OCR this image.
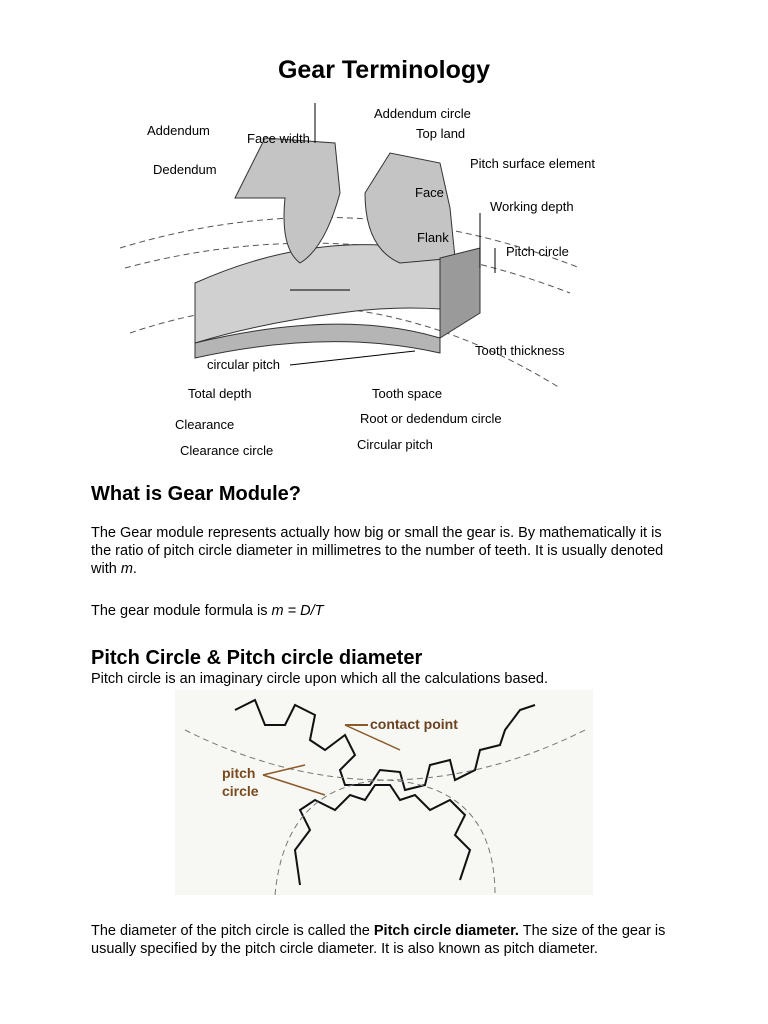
Gear Terminology
Addendum
Face width
Addendum circle
Top land
Dedendum	Pitch surface element
Face
Working depth
Flank
Pitch circle
Tooth thickness
circular pitch
Total depth	Tooth space
Clearance	Root or dedendum circle
Clearance circle	Circular pitch
What is Gear Module?
The Gear module represents actually how big or small the gear is. By mathematically it is the ratio of pitch circle diameter in millimetres to the number of teeth. It is usually denoted with m.
The gear module formula is m = D/T
Pitch Circle & Pitch circle diameter
Pitch circle is an imaginary circle upon which all the calculations based.
contact point
pitch
circle
The diameter of the pitch circle is called the Pitch circle diameter. The size of the gear is usually specified by the pitch circle diameter. It is also known as pitch diameter.
